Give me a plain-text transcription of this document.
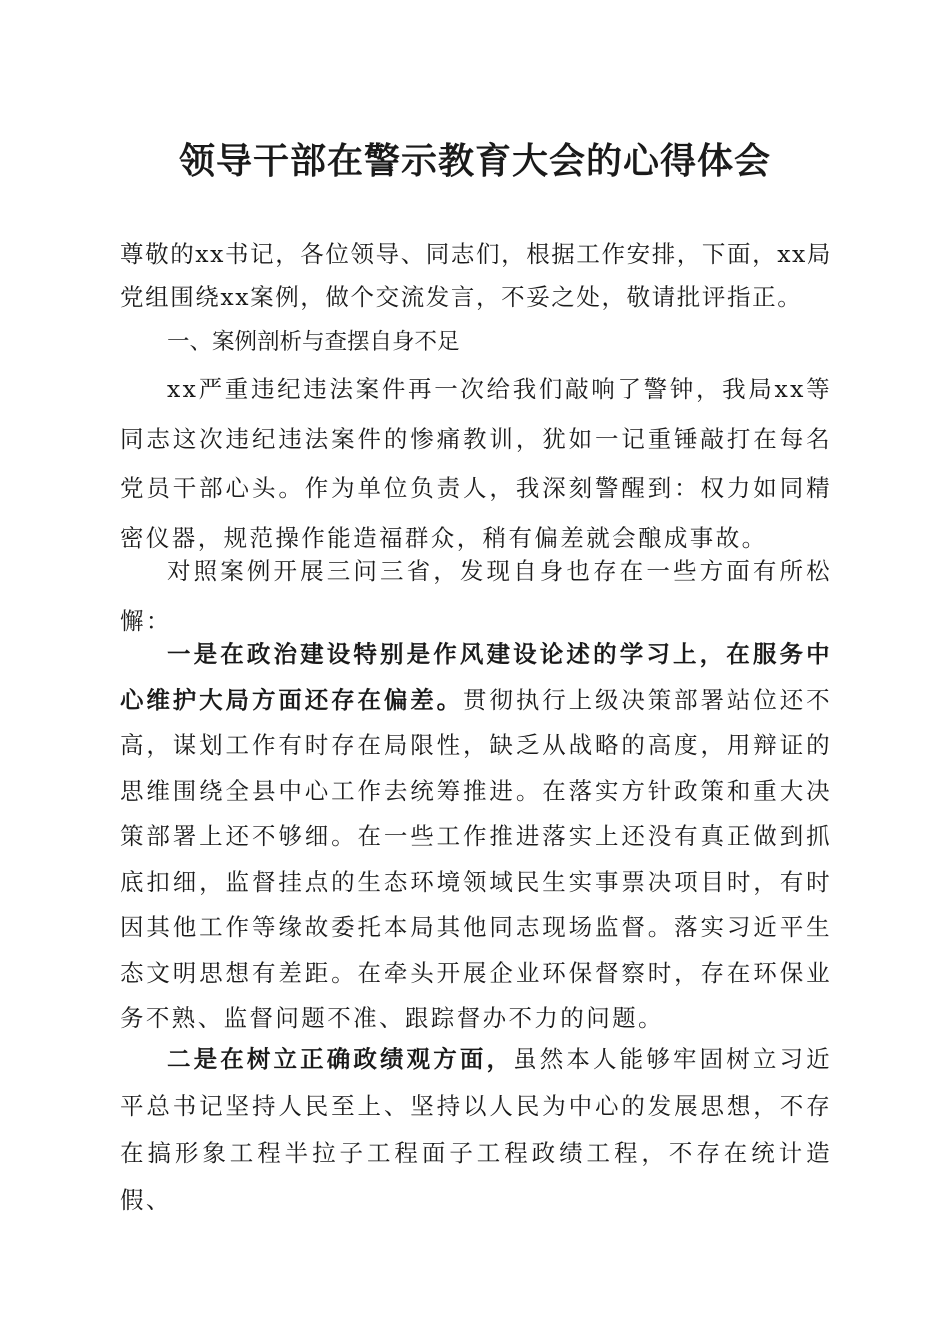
领导干部在警示教育大会的心得体会

尊敬的xx书记，各位领导、同志们，根据工作安排，下面，xx局党组围绕xx案例，做个交流发言，不妥之处，敬请批评指正。

一、案例剖析与查摆自身不足

xx严重违纪违法案件再一次给我们敲响了警钟，我局xx等同志这次违纪违法案件的惨痛教训，犹如一记重锤敲打在每名党员干部心头。作为单位负责人，我深刻警醒到：权力如同精密仪器，规范操作能造福群众，稍有偏差就会酿成事故。

对照案例开展三问三省，发现自身也存在一些方面有所松懈：

一是在政治建设特别是作风建设论述的学习上，在服务中心维护大局方面还存在偏差。贯彻执行上级决策部署站位还不高，谋划工作有时存在局限性，缺乏从战略的高度，用辩证的思维围绕全县中心工作去统筹推进。在落实方针政策和重大决策部署上还不够细。在一些工作推进落实上还没有真正做到抓底扣细，监督挂点的生态环境领域民生实事票决项目时，有时因其他工作等缘故委托本局其他同志现场监督。落实习近平生态文明思想有差距。在牵头开展企业环保督察时，存在环保业务不熟、监督问题不准、跟踪督办不力的问题。

二是在树立正确政绩观方面，虽然本人能够牢固树立习近平总书记坚持人民至上、坚持以人民为中心的发展思想，不存在搞形象工程半拉子工程面子工程政绩工程，不存在统计造假、
